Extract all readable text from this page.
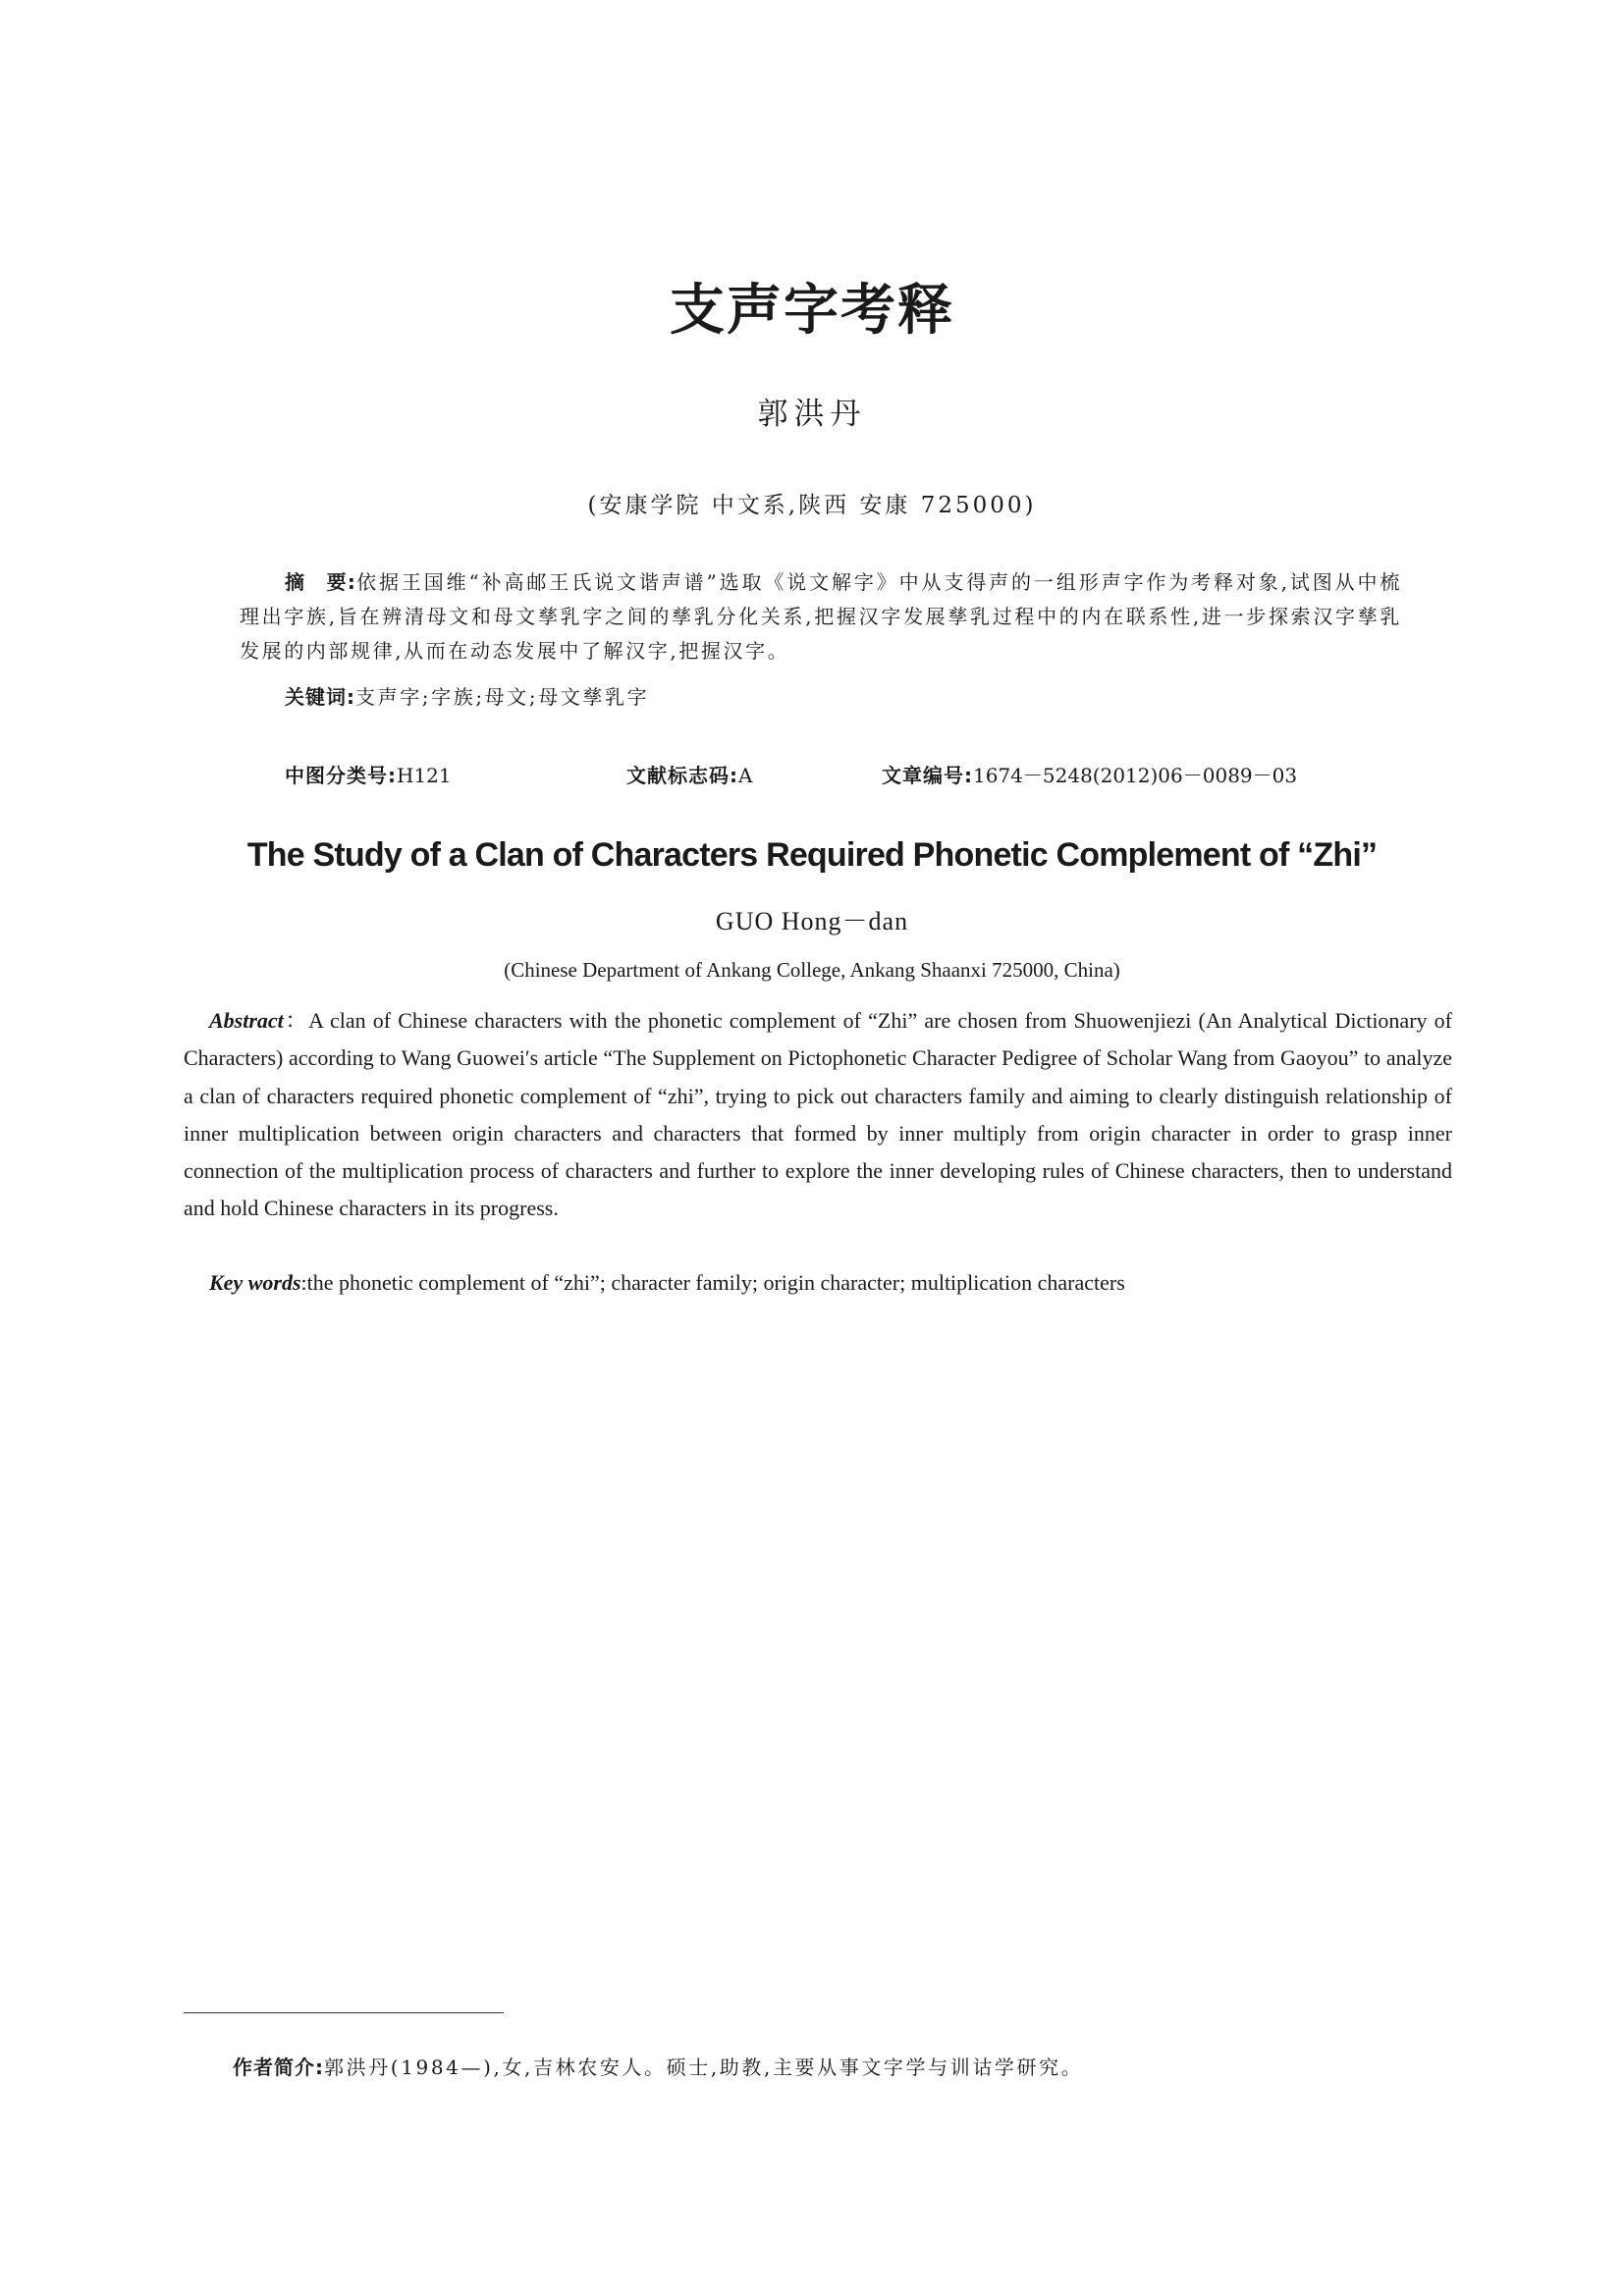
支声字考释
郭洪丹
(安康学院 中文系,陕西 安康 725000)
摘　要:依据王国维“补高邮王氏说文谐声谱”选取《说文解字》中从支得声的一组形声字作为考释对象,试图从中梳理出字族,旨在辨清母文和母文孳乳字之间的孳乳分化关系,把握汉字发展孳乳过程中的内在联系性,进一步探索汉字孳乳发展的内部规律,从而在动态发展中了解汉字,把握汉字。
关键词:支声字;字族;母文;母文孳乳字
中图分类号:H121	文献标志码:A	文章编号:1674－5248(2012)06－0089－03
The Study of a Clan of Characters Required Phonetic Complement of “Zhi”
GUO Hong－dan
(Chinese Department of Ankang College, Ankang Shaanxi 725000, China)
Abstract：A clan of Chinese characters with the phonetic complement of “Zhi” are chosen from Shuowenjiezi (An Analytical Dictionary of Characters) according to Wang Guowei′s article “The Supplement on Pictophonetic Character Pedigree of Scholar Wang from Gaoyou” to analyze a clan of characters required phonetic complement of “zhi”, trying to pick out characters family and aiming to clearly distinguish relationship of inner multiplication between origin characters and characters that formed by inner multiply from origin character in order to grasp inner connection of the multiplication process of characters and further to explore the inner developing rules of Chinese characters, then to understand and hold Chinese characters in its progress.
Key words:the phonetic complement of “zhi”; character family; origin character; multiplication characters
作者简介:郭洪丹(1984—),女,吉林农安人。硕士,助教,主要从事文字学与训诂学研究。
